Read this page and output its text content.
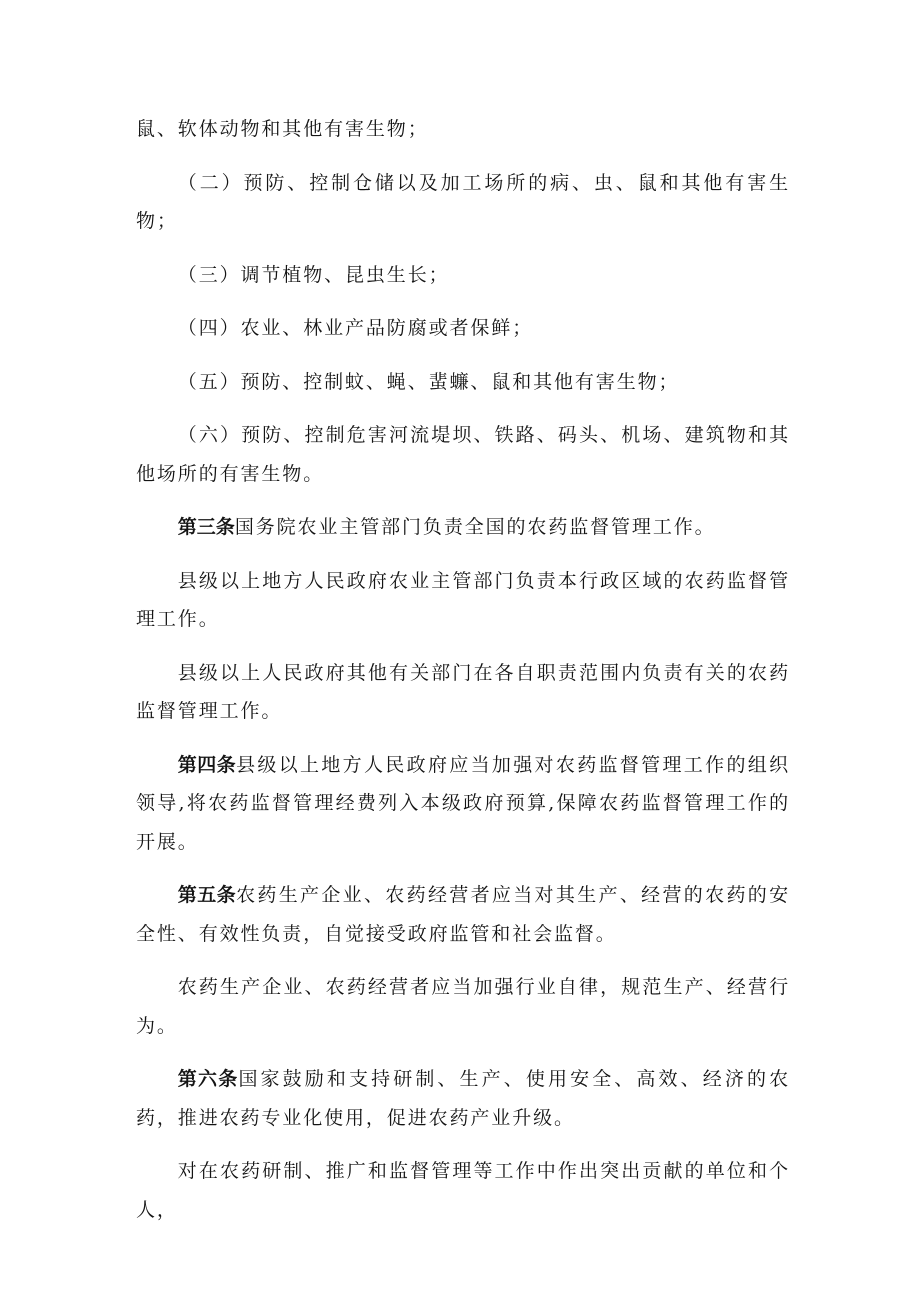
鼠、软体动物和其他有害生物；

（二）预防、控制仓储以及加工场所的病、虫、鼠和其他有害生物；

（三）调节植物、昆虫生长；

（四）农业、林业产品防腐或者保鲜；

（五）预防、控制蚊、蝇、蜚蠊、鼠和其他有害生物；

（六）预防、控制危害河流堤坝、铁路、码头、机场、建筑物和其他场所的有害生物。

第三条国务院农业主管部门负责全国的农药监督管理工作。

县级以上地方人民政府农业主管部门负责本行政区域的农药监督管理工作。

县级以上人民政府其他有关部门在各自职责范围内负责有关的农药监督管理工作。

第四条县级以上地方人民政府应当加强对农药监督管理工作的组织领导,将农药监督管理经费列入本级政府预算,保障农药监督管理工作的开展。

第五条农药生产企业、农药经营者应当对其生产、经营的农药的安全性、有效性负责，自觉接受政府监管和社会监督。

农药生产企业、农药经营者应当加强行业自律，规范生产、经营行为。

第六条国家鼓励和支持研制、生产、使用安全、高效、经济的农药，推进农药专业化使用，促进农药产业升级。

对在农药研制、推广和监督管理等工作中作出突出贡献的单位和个人，
